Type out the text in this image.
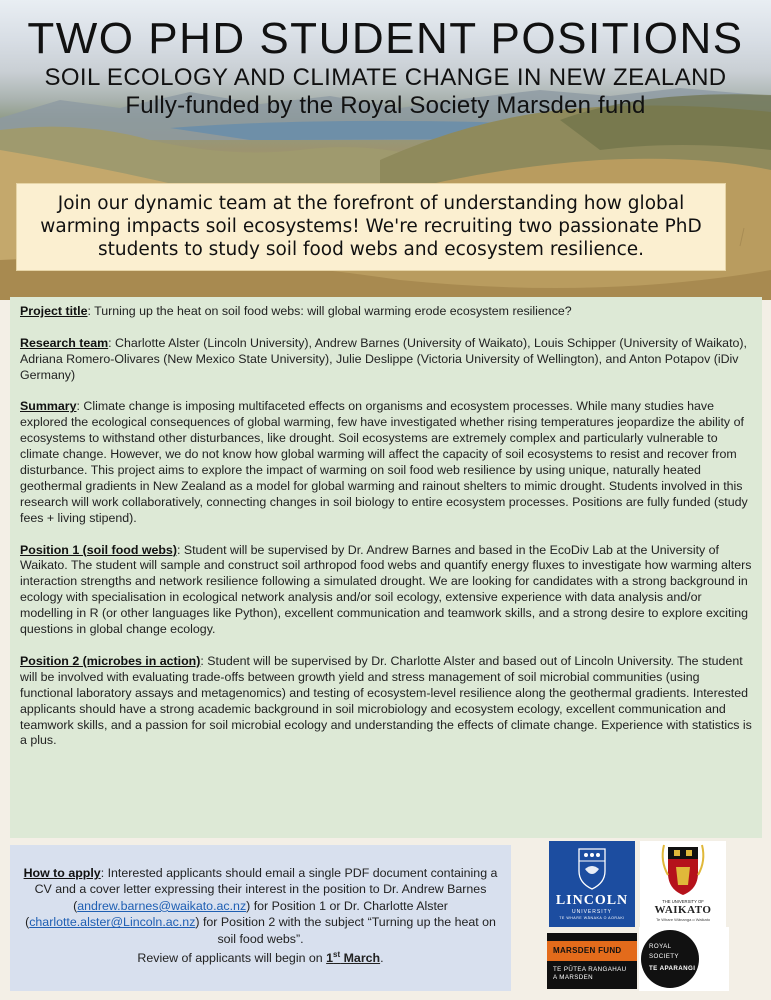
TWO PHD STUDENT POSITIONS
SOIL ECOLOGY AND CLIMATE CHANGE IN NEW ZEALAND
Fully-funded by the Royal Society Marsden fund
Join our dynamic team at the forefront of understanding how global warming impacts soil ecosystems! We're recruiting two passionate PhD students to study soil food webs and ecosystem resilience.

Project title: Turning up the heat on soil food webs: will global warming erode ecosystem resilience?

Research team: Charlotte Alster (Lincoln University), Andrew Barnes (University of Waikato), Louis Schipper (University of Waikato), Adriana Romero-Olivares (New Mexico State University), Julie Deslippe (Victoria University of Wellington), and Anton Potapov (iDiv Germany)

Summary: Climate change is imposing multifaceted effects on organisms and ecosystem processes. While many studies have explored the ecological consequences of global warming, few have investigated whether rising temperatures jeopardize the ability of ecosystems to withstand other disturbances, like drought. Soil ecosystems are extremely complex and particularly vulnerable to climate change. However, we do not know how global warming will affect the capacity of soil ecosystems to resist and recover from disturbance. This project aims to explore the impact of warming on soil food web resilience by using unique, naturally heated geothermal gradients in New Zealand as a model for global warming and rainout shelters to mimic drought. Students involved in this research will work collaboratively, connecting changes in soil biology to entire ecosystem processes. Positions are fully funded (study fees + living stipend).

Position 1 (soil food webs): Student will be supervised by Dr. Andrew Barnes and based in the EcoDiv Lab at the University of Waikato. The student will sample and construct soil arthropod food webs and quantify energy fluxes to investigate how warming alters interaction strengths and network resilience following a simulated drought. We are looking for candidates with a strong background in ecology with specialisation in ecological network analysis and/or soil ecology, extensive experience with data analysis and/or modelling in R (or other languages like Python), excellent communication and teamwork skills, and a strong desire to explore exciting questions in global change ecology.

Position 2 (microbes in action): Student will be supervised by Dr. Charlotte Alster and based out of Lincoln University. The student will be involved with evaluating trade-offs between growth yield and stress management of soil microbial communities (using functional laboratory assays and metagenomics) and testing of ecosystem-level resilience along the geothermal gradients. Interested applicants should have a strong academic background in soil microbiology and ecosystem ecology, excellent communication and teamwork skills, and a passion for soil microbial ecology and understanding the effects of climate change. Experience with statistics is a plus.

How to apply: Interested applicants should email a single PDF document containing a CV and a cover letter expressing their interest in the position to Dr. Andrew Barnes (andrew.barnes@waikato.ac.nz) for Position 1 or Dr. Charlotte Alster (charlotte.alster@Lincoln.ac.nz) for Position 2 with the subject “Turning up the heat on soil food webs”.
Review of applicants will begin on 1st March.
LINCOLN
UNIVERSITY
TE WHARE WĀNAKA O AORAKI
THE UNIVERSITY OF
WAIKATO
Te Whare Wānanga o Waikato
MARSDEN FUND
TE PŪTEA RANGAHAU
A MARSDEN
ROYAL
SOCIETY
TE APARANGI
